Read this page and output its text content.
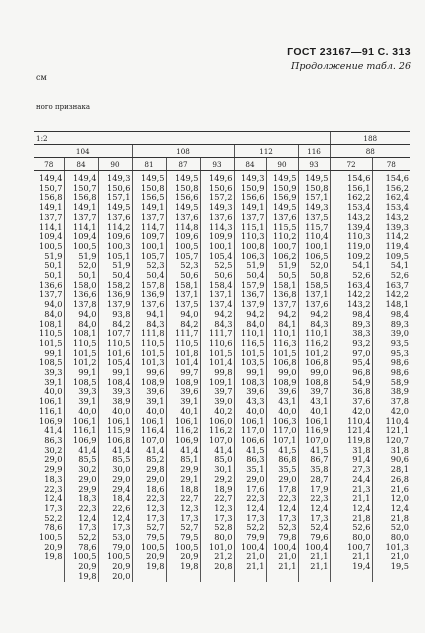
ГОСТ 23167—91 С. 313
Продолжение табл. 26
см
ного признака
1:2									188	
104			108			112		116	88	
78	84	90	81	87	93	84	90	93	72	78
149,4	149,4	149,3	149,5	149,5	149,6	149,3	149,5	149,5	154,6	154,6
150,7	150,7	150,6	150,8	150,8	150,6	150,9	150,9	150,8	156,1	156,2
156,8	156,8	157,1	156,5	156,6	157,2	156,6	156,9	157,1	162,2	162,4
149,1	149,1	149,5	149,1	149,5	149,3	149,1	149,5	149,3	153,4	153,4
137,7	137,7	137,6	137,7	137,6	137,6	137,7	137,6	137,5	143,2	143,2
114,1	114,1	114,2	114,7	114,8	114,3	115,1	115,5	115,7	139,4	139,3
109,4	109,4	109,6	109,7	109,6	109,9	110,3	110,2	110,4	110,3	114,2
100,5	100,5	100,3	100,1	100,5	100,1	100,8	100,7	100,1	119,0	119,4
51,9	51,9	105,1	105,7	105,7	105,4	106,3	106,2	106,5	109,2	109,5
50,1	52,0	51,9	52,3	52,3	52,5	51,9	51,9	52,0	54,1	54,1
50,1	50,1	50,4	50,4	50,6	50,6	50,4	50,5	50,8	52,6	52,6
136,6	158,0	158,2	157,8	158,1	158,4	157,9	158,1	158,5	163,4	163,7
137,7	136,6	136,9	136,9	137,1	137,1	136,7	136,8	137,1	142,2	142,2
94,0	137,8	137,9	137,6	137,5	137,4	137,9	137,7	137,6	143,2	148,1
84,0	94,0	93,8	94,1	94,0	94,2	94,2	94,2	94,2	98,4	98,4
108,1	84,0	84,2	84,3	84,2	84,3	84,0	84,1	84,3	89,3	89,3
110,5	108,1	107,7	111,8	111,7	111,7	110,1	110,1	110,1	38,3	39,0
101,5	110,5	110,5	110,5	110,5	110,6	116,5	116,3	116,2	93,2	93,5
99,1	101,5	101,6	101,5	101,8	101,5	101,5	101,5	101,2	97,0	95,3
108,5	101,2	105,4	101,3	101,4	101,4	103,5	106,8	106,8	95,4	98,6
39,3	99,1	99,1	99,6	99,7	99,8	99,1	99,0	99,0	96,8	98,6
39,1	108,5	108,4	108,9	108,9	109,1	108,3	108,9	108,8	54,9	58,9
40,0	39,3	39,3	39,6	39,6	39,7	39,6	39,6	39,7	36,8	38,9
106,1	39,1	38,9	39,1	39,1	39,0	43,3	43,1	43,1	37,6	37,8
116,1	40,0	40,0	40,0	40,1	40,2	40,0	40,0	40,1	42,0	42,0
106,9	106,1	106,1	106,1	106,1	106,0	106,1	106,3	106,1	110,4	110,4
41,4	116,1	115,9	116,4	116,2	116,2	117,0	117,0	116,9	121,4	121,1
86,3	106,9	106,8	107,0	106,9	107,0	106,6	107,1	107,0	119,8	120,7
30,2	41,4	41,4	41,4	41,4	41,4	41,5	41,5	41,5	31,8	31,8
29,0	85,5	85,5	85,2	85,1	85,0	86,3	86,8	86,7	91,4	90,6
29,9	30,2	30,0	29,8	29,9	30,1	35,1	35,5	35,8	27,3	28,1
18,3	29,0	29,0	29,0	29,1	29,2	29,0	29,0	28,7	24,4	26,8
22,3	29,9	29,4	18,6	18,8	18,9	17,6	17,8	17,9	21,3	21,6
12,4	18,3	18,4	22,3	22,7	22,7	22,3	22,3	22,3	21,1	12,0
17,3	22,3	22,6	12,3	12,3	12,3	12,4	12,4	12,4	12,4	12,4
52,2	12,4	12,4	17,3	17,3	17,3	17,3	17,3	17,3	21,8	21,8
78,6	17,3	17,3	52,7	52,7	52,8	52,2	52,3	52,4	52,6	52,0
100,5	52,2	53,0	79,5	79,5	80,0	79,9	79,8	79,6	80,0	80,0
20,9	78,6	79,0	100,5	100,5	101,0	100,4	100,4	100,4	100,7	101,3
19,8	100,5	100,5	20,9	20,9	21,2	21,0	21,0	21,1	21,1	21,0
	20,9	20,9	19,8	19,8	20,8	21,1	21,1	21,1	19,4	19,5
	19,8	20,0								
